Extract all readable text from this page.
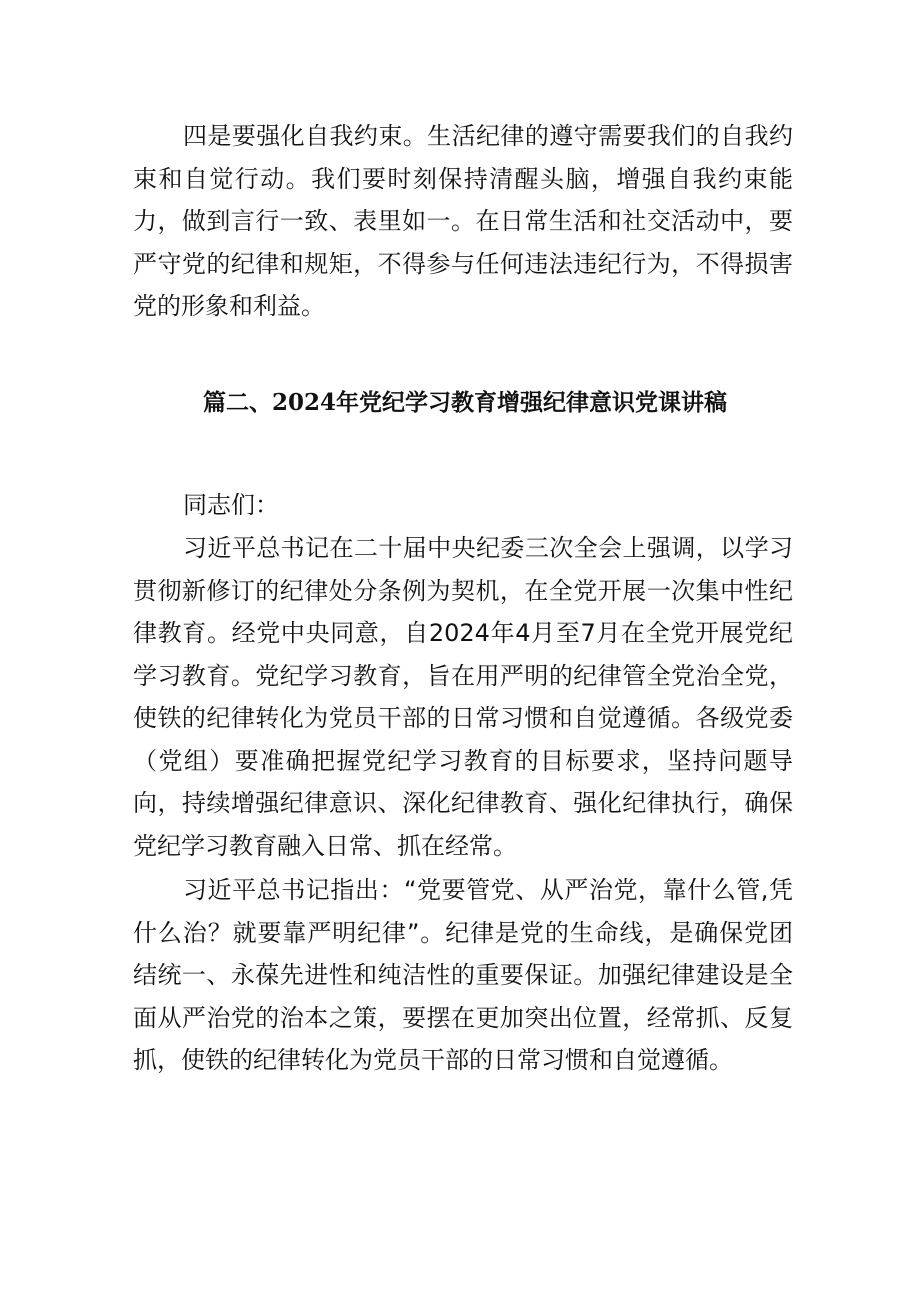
四是要强化自我约束。生活纪律的遵守需要我们的自我约束和自觉行动。我们要时刻保持清醒头脑，增强自我约束能力，做到言行一致、表里如一。在日常生活和社交活动中，要严守党的纪律和规矩，不得参与任何违法违纪行为，不得损害党的形象和利益。

篇二、2024年党纪学习教育增强纪律意识党课讲稿

同志们：

习近平总书记在二十届中央纪委三次全会上强调，以学习贯彻新修订的纪律处分条例为契机，在全党开展一次集中性纪律教育。经党中央同意，自2024年4月至7月在全党开展党纪学习教育。党纪学习教育，旨在用严明的纪律管全党治全党，使铁的纪律转化为党员干部的日常习惯和自觉遵循。各级党委（党组）要准确把握党纪学习教育的目标要求，坚持问题导向，持续增强纪律意识、深化纪律教育、强化纪律执行，确保党纪学习教育融入日常、抓在经常。

习近平总书记指出：“党要管党、从严治党，靠什么管,凭什么治？就要靠严明纪律”。纪律是党的生命线，是确保党团结统一、永葆先进性和纯洁性的重要保证。加强纪律建设是全面从严治党的治本之策，要摆在更加突出位置，经常抓、反复抓，使铁的纪律转化为党员干部的日常习惯和自觉遵循。
